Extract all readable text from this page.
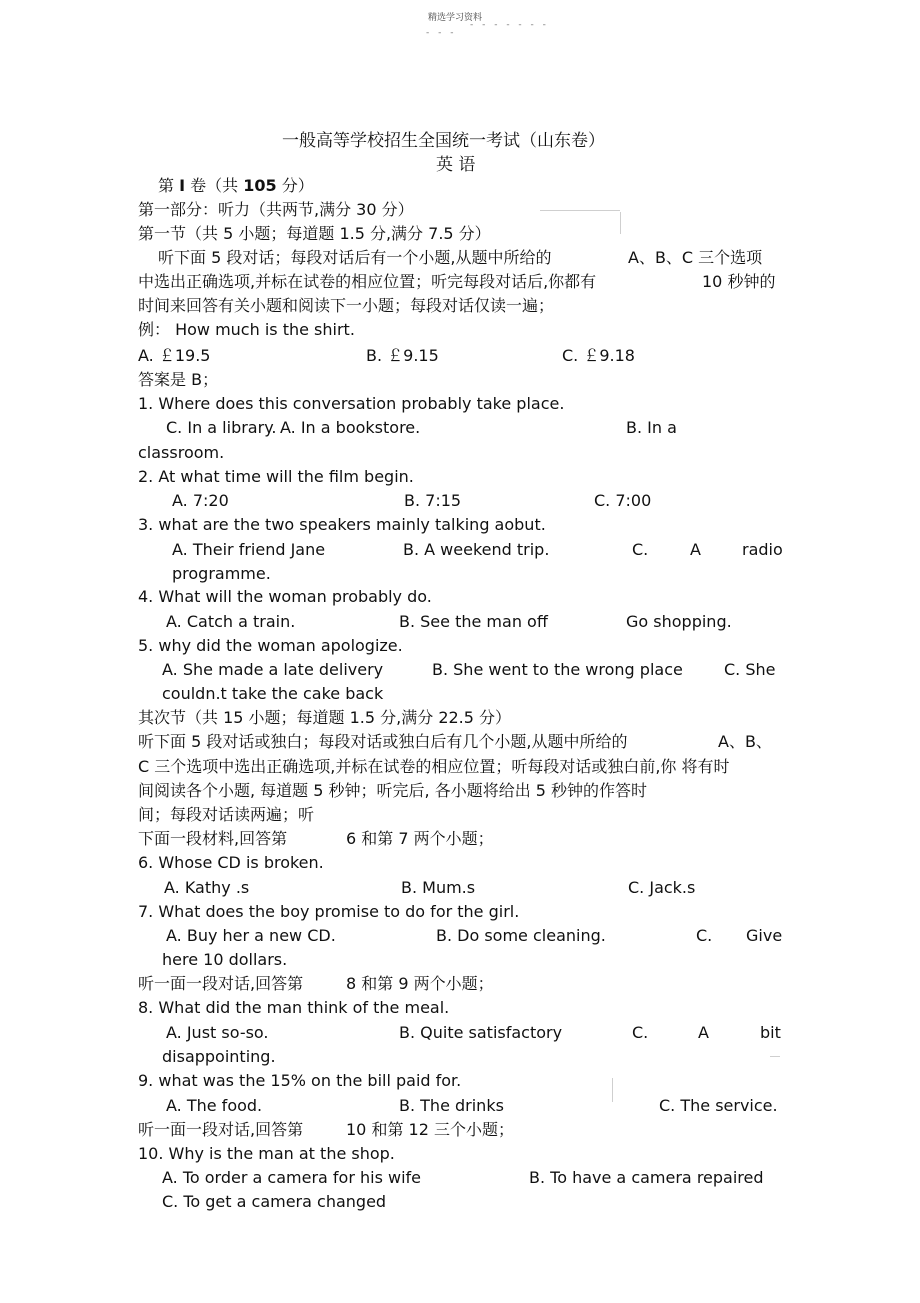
精选学习资料
- - - - - - -
- - -
一般高等学校招生全国统一考试（山东卷）
英 语
第 I 卷（共 105 分）
第一部分：听力（共两节,满分 30 分）
第一节（共 5 小题；每道题 1.5 分,满分 7.5 分）
听下面 5 段对话；每段对话后有一个小题,从题中所给的	A、B、C 三个选项
中选出正确选项,并标在试卷的相应位置；听完每段对话后,你都有	10 秒钟的
时间来回答有关小题和阅读下一小题；每段对话仅读一遍；
例： How much is the shirt.
A. ￡19.5	B. ￡9.15	C. ￡9.18
答案是 B；
1. Where does this conversation probably take place.
C. In a library. A. In a bookstore.	B. In a
classroom.
2. At what time will the film begin.
A. 7:20	B. 7:15	C. 7:00
3. what are the two speakers mainly talking aobut.
A. Their friend Jane	B. A weekend trip.	C.	A	radio
programme.
4. What will the woman probably do.
A. Catch a train.	B. See the man off	Go shopping.
5. why did the woman apologize.
A. She made a late delivery	B. She went to the wrong place	C. She
couldn.t take the cake back
其次节（共 15 小题；每道题 1.5 分,满分 22.5 分）
听下面 5 段对话或独白；每段对话或独白后有几个小题,从题中所给的	A、B、
C 三个选项中选出正确选项,并标在试卷的相应位置；听每段对话或独白前,你 将有时
间阅读各个小题, 每道题 5 秒钟；听完后, 各小题将给出 5 秒钟的作答时
间；每段对话读两遍；听
下面一段材料,回答第	6 和第 7 两个小题；
6. Whose CD is broken.
A. Kathy .s	B. Mum.s	C. Jack.s
7. What does the boy promise to do for the girl.
A. Buy her a new CD.	B. Do some cleaning.	C. Give
here 10 dollars.
听一面一段对话,回答第	8 和第 9 两个小题；
8. What did the man think of the meal.
A. Just so-so.	B. Quite satisfactory	C.	A	bit
disappointing.
9. what was the 15% on the bill paid for.
A. The food.	B. The drinks	C. The service.
听一面一段对话,回答第	10 和第 12 三个小题；
10. Why is the man at the shop.
A. To order a camera for his wife	B. To have a camera repaired
C. To get a camera changed
